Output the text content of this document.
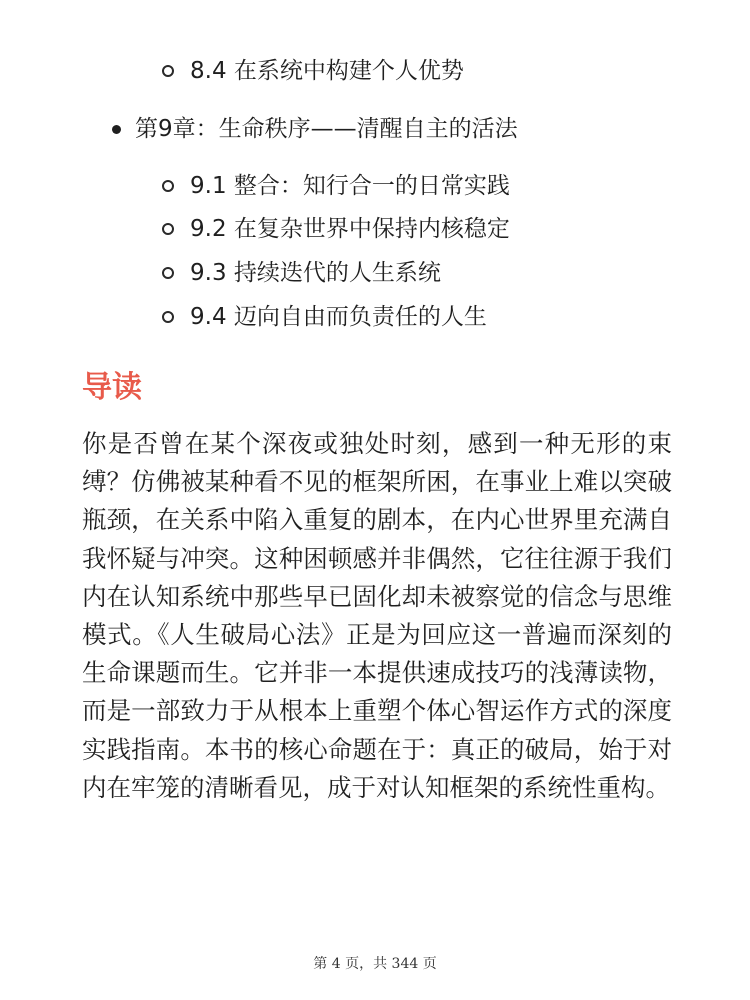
8.4 在系统中构建个人优势
第9章：生命秩序——清醒自主的活法
9.1 整合：知行合一的日常实践
9.2 在复杂世界中保持内核稳定
9.3 持续迭代的人生系统
9.4 迈向自由而负责任的人生
导读
你是否曾在某个深夜或独处时刻，感到一种无形的束缚？仿佛被某种看不见的框架所困，在事业上难以突破瓶颈，在关系中陷入重复的剧本，在内心世界里充满自我怀疑与冲突。这种困顿感并非偶然，它往往源于我们内在认知系统中那些早已固化却未被察觉的信念与思维模式。《人生破局心法》正是为回应这一普遍而深刻的生命课题而生。它并非一本提供速成技巧的浅薄读物，而是一部致力于从根本上重塑个体心智运作方式的深度实践指南。本书的核心命题在于：真正的破局，始于对内在牢笼的清晰看见，成于对认知框架的系统性重构。
第 4 页，共 344 页
